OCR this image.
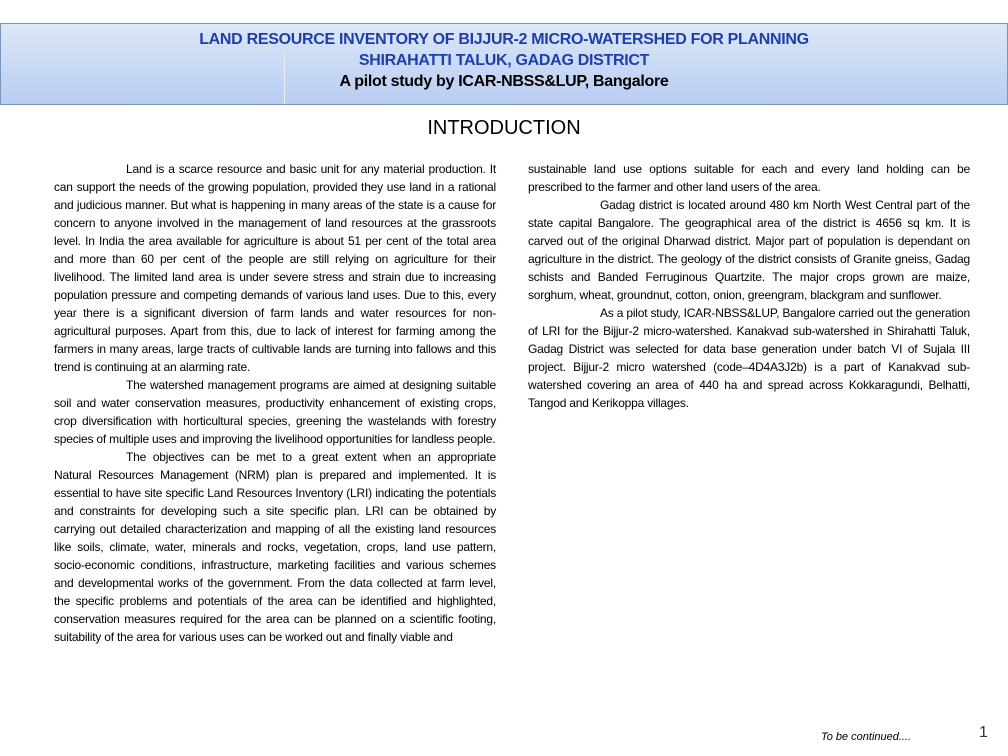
LAND RESOURCE INVENTORY OF BIJJUR-2 MICRO-WATERSHED FOR PLANNING
SHIRAHATTI TALUK, GADAG DISTRICT
A pilot study by ICAR-NBSS&LUP, Bangalore
INTRODUCTION

Land is a scarce resource and basic unit for any material production. It can support the needs of the growing population, provided they use land in a rational and judicious manner. But what is happening in many areas of the state is a cause for concern to anyone involved in the management of land resources at the grassroots level. In India the area available for agriculture is about 51 per cent of the total area and more than 60 per cent of the people are still relying on agriculture for their livelihood. The limited land area is under severe stress and strain due to increasing population pressure and competing demands of various land uses. Due to this, every year there is a significant diversion of farm lands and water resources for non-agricultural purposes. Apart from this, due to lack of interest for farming among the farmers in many areas, large tracts of cultivable lands are turning into fallows and this trend is continuing at an alarming rate.

The watershed management programs are aimed at designing suitable soil and water conservation measures, productivity enhancement of existing crops, crop diversification with horticultural species, greening the wastelands with forestry species of multiple uses and improving the livelihood opportunities for landless people.

The objectives can be met to a great extent when an appropriate Natural Resources Management (NRM) plan is prepared and implemented. It is essential to have site specific Land Resources Inventory (LRI) indicating the potentials and constraints for developing such a site specific plan. LRI can be obtained by carrying out detailed characterization and mapping of all the existing land resources like soils, climate, water, minerals and rocks, vegetation, crops, land use pattern, socio-economic conditions, infrastructure, marketing facilities and various schemes and developmental works of the government. From the data collected at farm level, the specific problems and potentials of the area can be identified and highlighted, conservation measures required for the area can be planned on a scientific footing, suitability of the area for various uses can be worked out and finally viable and

sustainable land use options suitable for each and every land holding can be prescribed to the farmer and other land users of the area.

Gadag district is located around 480 km North West Central part of the state capital Bangalore. The geographical area of the district is 4656 sq km. It is carved out of the original Dharwad district. Major part of population is dependant on agriculture in the district. The geology of the district consists of Granite gneiss, Gadag schists and Banded Ferruginous Quartzite. The major crops grown are maize, sorghum, wheat, groundnut, cotton, onion, greengram, blackgram and sunflower.

As a pilot study, ICAR-NBSS&LUP, Bangalore carried out the generation of LRI for the Bijjur-2 micro-watershed. Kanakvad sub-watershed in Shirahatti Taluk, Gadag District was selected for data base generation under batch VI of Sujala III project. Bijjur-2 micro watershed (code–4D4A3J2b) is a part of Kanakvad sub-watershed covering an area of 440 ha and spread across Kokkaragundi, Belhatti, Tangod and Kerikoppa villages.

To be continued....	1
